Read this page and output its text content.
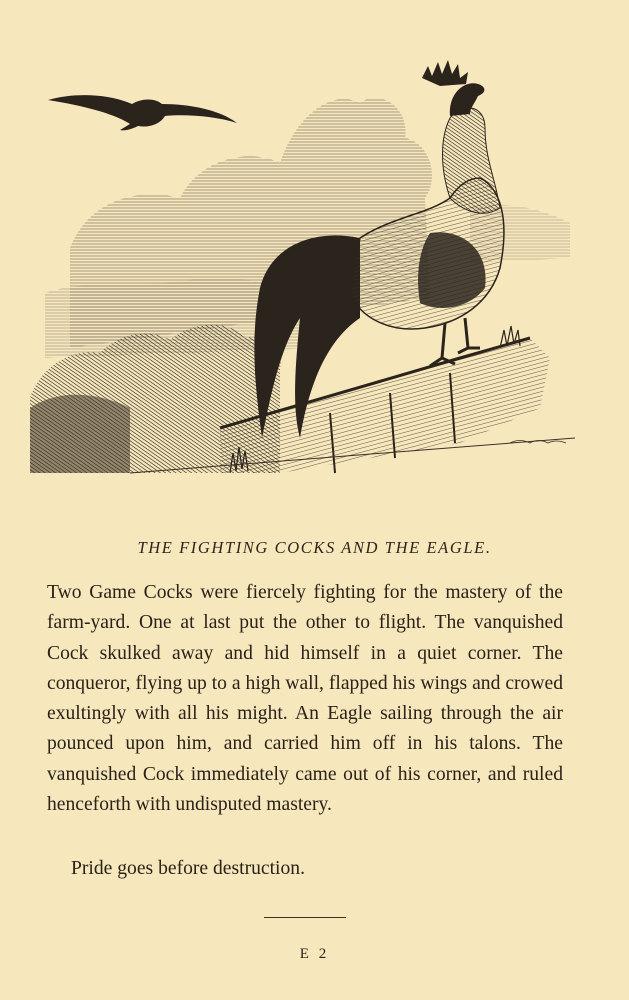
THE FIGHTING COCKS AND THE EAGLE.

Two Game Cocks were fiercely fighting for the mastery of the farm-yard. One at last put the other to flight. The vanquished Cock skulked away and hid himself in a quiet corner. The conqueror, flying up to a high wall, flapped his wings and crowed exultingly with all his might. An Eagle sailing through the air pounced upon him, and carried him off in his talons. The vanquished Cock immediately came out of his corner, and ruled henceforth with undisputed mastery.

Pride goes before destruction.
E 2
